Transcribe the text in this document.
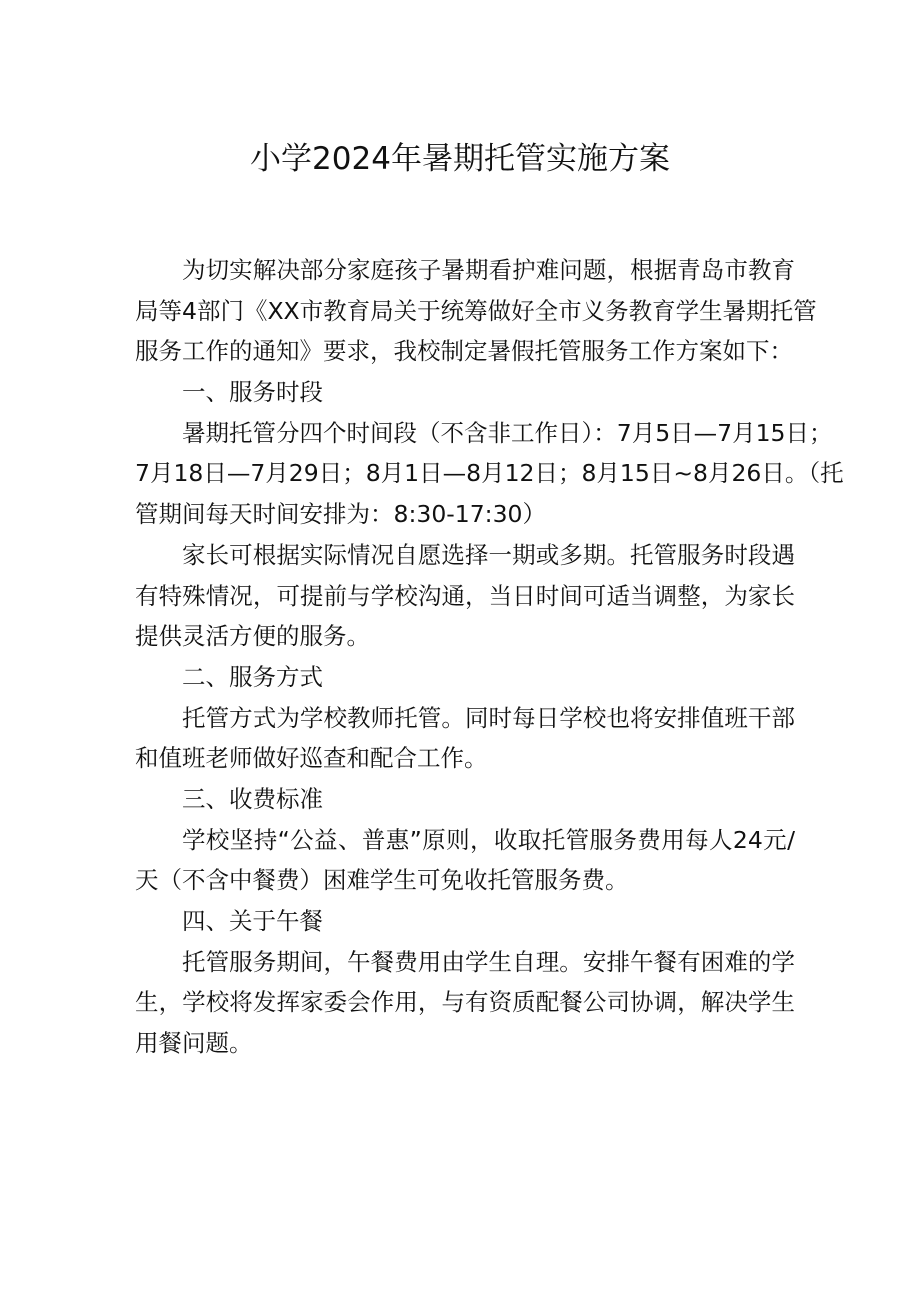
小学2024年暑期托管实施方案
为切实解决部分家庭孩子暑期看护难问题，根据青岛市教育
局等4部门《XX市教育局关于统筹做好全市义务教育学生暑期托管
服务工作的通知》要求，我校制定暑假托管服务工作方案如下：
一、服务时段
暑期托管分四个时间段（不含非工作日）：7月5日—7月15日；
7月18日—7月29日；8月1日—8月12日；8月15日~8月26日。（托
管期间每天时间安排为：8:30-17:30）
家长可根据实际情况自愿选择一期或多期。托管服务时段遇
有特殊情况，可提前与学校沟通，当日时间可适当调整，为家长
提供灵活方便的服务。
二、服务方式
托管方式为学校教师托管。同时每日学校也将安排值班干部
和值班老师做好巡查和配合工作。
三、收费标准
学校坚持“公益、普惠”原则，收取托管服务费用每人24元/
天（不含中餐费）困难学生可免收托管服务费。
四、关于午餐
托管服务期间，午餐费用由学生自理。安排午餐有困难的学
生，学校将发挥家委会作用，与有资质配餐公司协调，解决学生
用餐问题。
